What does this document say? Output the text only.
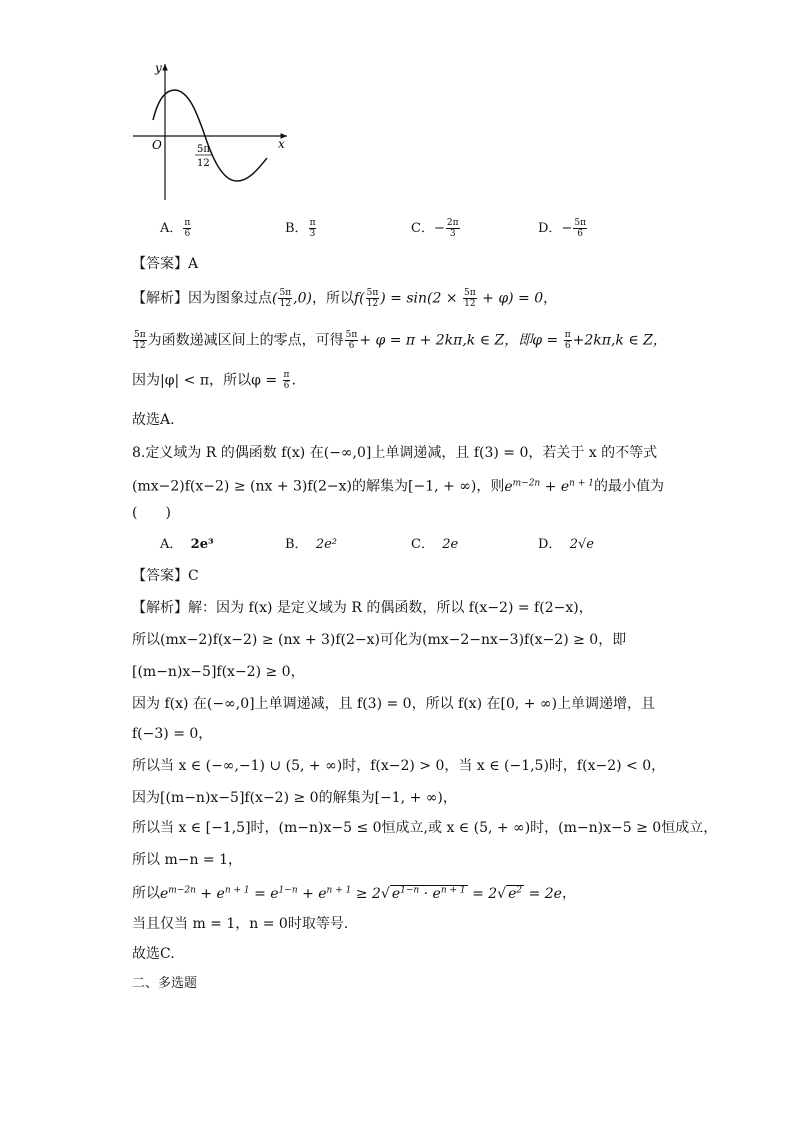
y
x
O	5π
12
A． $\frac{\pi}{6}$	B． $\frac{\pi}{3}$	C．− $\frac{2\pi}{3}$	D．− $\frac{5\pi}{6}$
【答案】A
【解析】因为图象过点( $\frac{5\pi}{12} ,0$)，所以$f( \frac{5\pi}{12}$ ) = $\sin(2 \times \frac{5\pi}{12} + \varphi) = 0$，
$\frac{5\pi}{12}$ 为函数递减区间上的零点，可得 $\frac{5\pi}{6} + \varphi = \pi + 2k\pi,k$ ∈ Z，即$\varphi = \frac{\pi}{6} +2k\pi,k$ ∈ Z，
因为|φ| < π，所以$\varphi = \frac{\pi}{6}$ .
故选A.
8.定义域为 R 的偶函数 f(x) 在(−∞,0]上单调递减，且 f(3) = 0，若关于 x 的不等式
(mx−2)f(x−2) ≥ (nx + 3)f(2−x)的解集为[−1, + ∞)，则$e^{m-2n} + e^{n + 1}$的最小值为
(　　)
A． 2e³	B． 2e²	C． 2e	D． 2√e
【答案】C
【解析】解：因为 f(x) 是定义域为 R 的偶函数，所以 f(x−2) = f(2−x)，
所以(mx−2)f(x−2) ≥ (nx + 3)f(2−x)可化为(mx−2−nx−3)f(x−2) ≥ 0，即
[(m−n)x−5]f(x−2) ≥ 0，
因为 f(x) 在(−∞,0]上单调递减，且 f(3) = 0，所以 f(x) 在[0, + ∞)上单调递增，且
f(−3) = 0，
所以当 x ∈ (−∞,−1) ∪ (5, + ∞)时，f(x−2) > 0，当 x ∈ (−1,5)时，f(x−2) < 0，
因为[(m−n)x−5]f(x−2) ≥ 0的解集为[−1, + ∞)，
所以当 x ∈ [−1,5]时，(m−n)x−5 ≤ 0恒成立,或 x ∈ (5, + ∞)时，(m−n)x−5 ≥ 0恒成立，
所以 m−n = 1，
所以$e^{m-2n} + e^{n + 1} = e^{1-n} + e^{n + 1} \ge 2√$ $e^{1-n} \cdot e^{n + 1} = 2√$ $e^2 = 2e$，
当且仅当 m = 1，n = 0时取等号.
故选C.
二、多选题
